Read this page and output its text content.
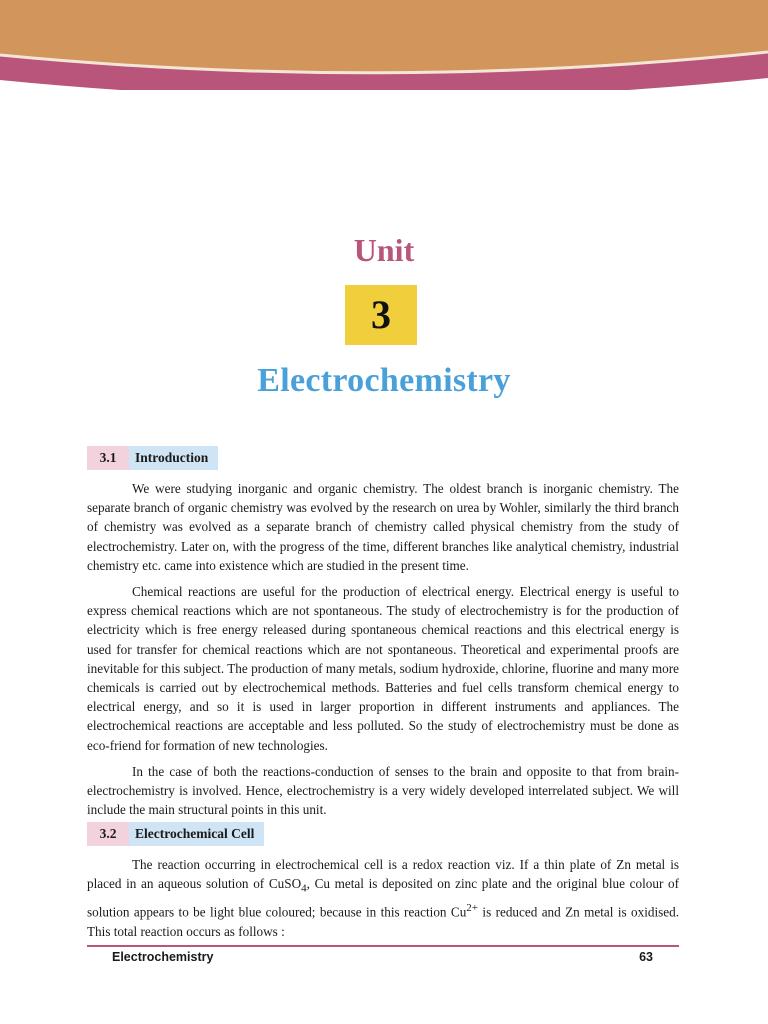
Unit
3
Electrochemistry
3.1	Introduction

We were studying inorganic and organic chemistry. The oldest branch is inorganic chemistry. The separate branch of organic chemistry was evolved by the research on urea by Wohler, similarly the third branch of chemistry was evolved as a separate branch of chemistry called physical chemistry from the study of electrochemistry. Later on, with the progress of the time, different branches like analytical chemistry, industrial chemistry etc. came into existence which are studied in the present time.

Chemical reactions are useful for the production of electrical energy. Electrical energy is useful to express chemical reactions which are not spontaneous. The study of electrochemistry is for the production of electricity which is free energy released during spontaneous chemical reactions and this electrical energy is used for transfer for chemical reactions which are not spontaneous. Theoretical and experimental proofs are inevitable for this subject. The production of many metals, sodium hydroxide, chlorine, fluorine and many more chemicals is carried out by electrochemical methods. Batteries and fuel cells transform chemical energy to electrical energy, and so it is used in larger proportion in different instruments and appliances. The electrochemical reactions are acceptable and less polluted. So the study of electrochemistry must be done as eco-friend for formation of new technologies.

In the case of both the reactions-conduction of senses to the brain and opposite to that from brain-electrochemistry is involved. Hence, electrochemistry is a very widely developed interrelated subject. We will include the main structural points in this unit.

3.2	Electrochemical Cell

The reaction occurring in electrochemical cell is a redox reaction viz. If a thin plate of Zn metal is placed in an aqueous solution of CuSO$_4$, Cu metal is deposited on zinc plate and the original blue colour of solution appears to be light blue coloured; because in this reaction $Cu^{2+}$ is reduced and Zn metal is oxidised. This total reaction occurs as follows :

Electrochemistry	63
